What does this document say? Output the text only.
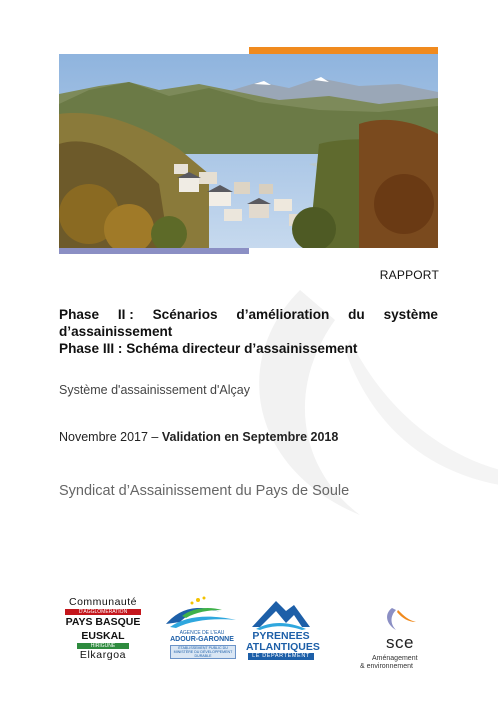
RAPPORT
Phase II : Scénarios d’amélioration du système
d’assainissement
Phase III : Schéma directeur d’assainissement
Système d'assainissement d'Alçay
Novembre 2017 – Validation en Septembre 2018
Syndicat d’Assainissement du Pays de Soule
Communauté
D'AGGLOMÉRATION
PAYS BASQUE
EUSKAL
HIRIGUNE
Elkargoa
AGENCE DE L'EAU
ADOUR-GARONNE
ÉTABLISSEMENT PUBLIC DU MINISTÈRE DU DÉVELOPPEMENT DURABLE
PYRENEES
ATLANTIQUES
LE DÉPARTEMENT
sce
Aménagement
& environnement
